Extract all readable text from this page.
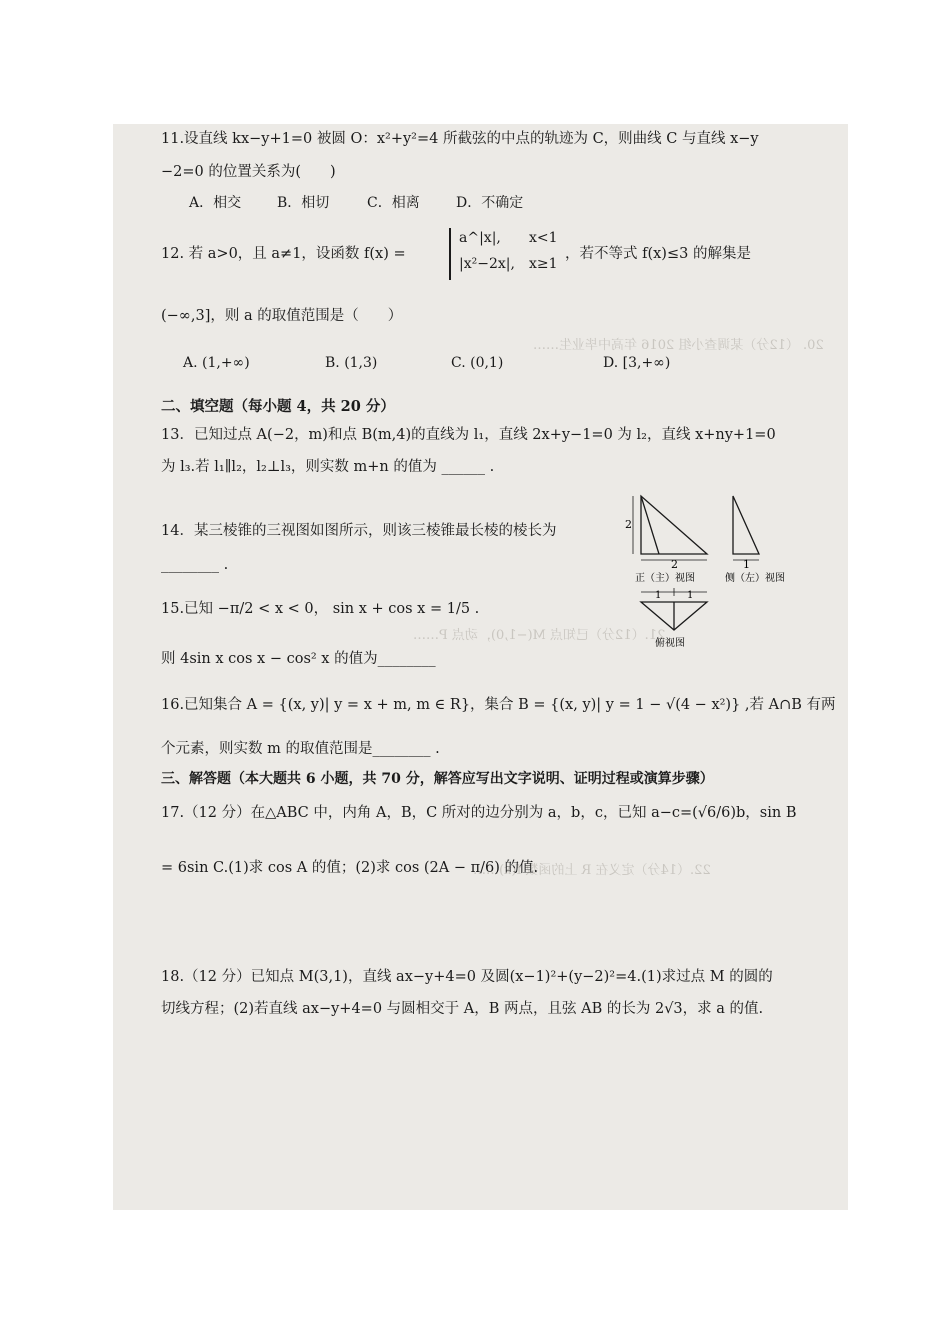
20. （12分）某调查小组 2016 年高中毕业生……
21.（12分）已知点 M(−1,0)，动点 P……
22.（14分）定义在 R 上的函数 f(x)……
11.设直线 kx−y+1=0 被圆 O：x²+y²=4 所截弦的中点的轨迹为 C，则曲线 C 与直线 x−y
−2=0 的位置关系为(　　)
A．相交	B．相切	C．相离	D．不确定
12. 若 a>0，且 a≠1，设函数 f(x) =
a^|x|, x<1
|x²−2x|, x≥1
，若不等式 f(x)≤3 的解集是
(−∞,3]，则 a 的取值范围是（　　）
A. (1,+∞)	B. (1,3)	C. (0,1)	D. [3,+∞)
二、填空题（每小题 4，共 20 分）
13．已知过点 A(−2，m)和点 B(m,4)的直线为 l₁，直线 2x+y−1=0 为 l₂，直线 x+ny+1=0
为 l₃.若 l₁∥l₂，l₂⊥l₃，则实数 m+n 的值为 ______ .
14．某三棱锥的三视图如图所示，则该三棱锥最长棱的棱长为
________ .
2
2	1
正（主）视图	侧（左）视图
1	1
俯视图
15.已知 −π/2 < x < 0， sin x + cos x = 1/5 .
则 4sin x cos x − cos² x 的值为________
16.已知集合 A = {(x, y)| y = x + m, m ∈ R}，集合 B = {(x, y)| y = 1 − √(4 − x²)} ,若 A∩B 有两
个元素，则实数 m 的取值范围是________ .
三、解答题（本大题共 6 小题，共 70 分，解答应写出文字说明、证明过程或演算步骤）
17.（12 分）在△ABC 中，内角 A，B，C 所对的边分别为 a，b，c，已知 a−c=(√6/6)b，sin B
= 6sin C.(1)求 cos A 的值；(2)求 cos (2A − π/6) 的值.
18.（12 分）已知点 M(3,1)，直线 ax−y+4=0 及圆(x−1)²+(y−2)²=4.(1)求过点 M 的圆的
切线方程；(2)若直线 ax−y+4=0 与圆相交于 A，B 两点，且弦 AB 的长为 2√3，求 a 的值.
